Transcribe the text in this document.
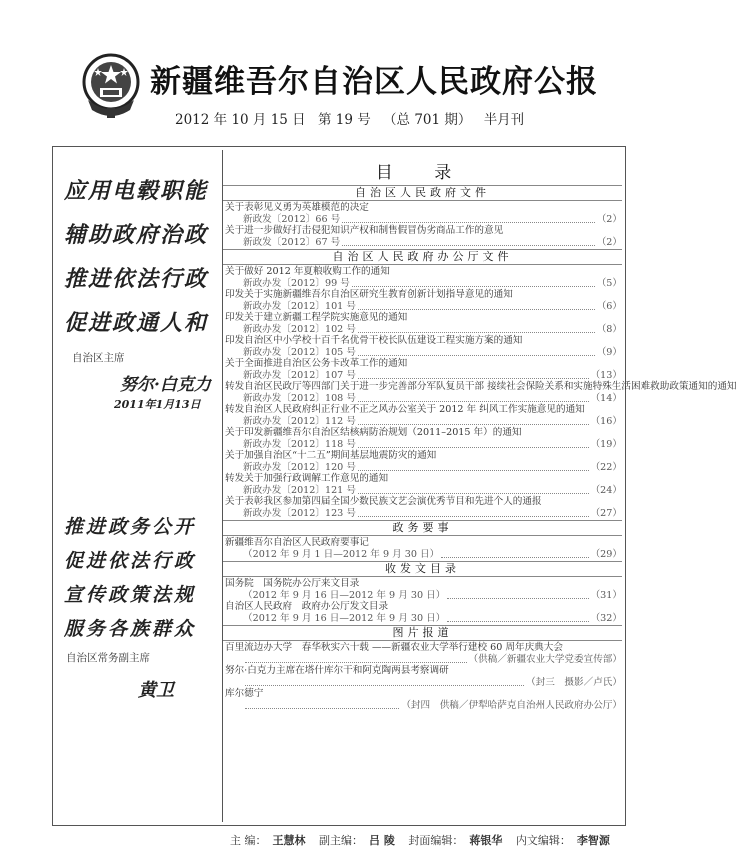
新疆维吾尔自治区人民政府公报
2012 年 10 月 15 日 第 19 号 （总 701 期） 半月刊
应用电毂职能
辅助政府治政
推进依法行政
促进政通人和
自治区主席
努尔·白克力
2011年1月13日
推进政务公开
促进依法行政
宣传政策法规
服务各族群众
自治区常务副主席
黄卫
目 录
自治区人民政府文件
关于表彰见义勇为英雄模范的决定
新政发〔2012〕66 号	（2）
关于进一步做好打击侵犯知识产权和制售假冒伪劣商品工作的意见
新政发〔2012〕67 号	（2）
自治区人民政府办公厅文件
关于做好 2012 年夏粮收购工作的通知
新政办发〔2012〕99 号	（5）
印发关于实施新疆维吾尔自治区研究生教育创新计划指导意见的通知
新政办发〔2012〕101 号	（6）
印发关于建立新疆工程学院实施意见的通知
新政办发〔2012〕102 号	（8）
印发自治区中小学校十百千名优骨干校长队伍建设工程实施方案的通知
新政办发〔2012〕105 号	（9）
关于全面推进自治区公务卡改革工作的通知
新政办发〔2012〕107 号	（13）
转发自治区民政厅等四部门关于进一步完善部分军队复员干部 接续社会保险关系和实施特殊生活困难救助政策通知的通知
新政办发〔2012〕108 号	（14）
转发自治区人民政府纠正行业不正之风办公室关于 2012 年 纠风工作实施意见的通知
新政办发〔2012〕112 号	（16）
关于印发新疆维吾尔自治区结核病防治规划（2011–2015 年）的通知
新政办发〔2012〕118 号	（19）
关于加强自治区“十二五”期间基层地震防灾的通知
新政办发〔2012〕120 号	（22）
转发关于加强行政调解工作意见的通知
新政办发〔2012〕121 号	（24）
关于表彰我区参加第四届全国少数民族文艺会演优秀节目和先进个人的通报
新政办发〔2012〕123 号	（27）
政务要事
新疆维吾尔自治区人民政府要事记
（2012 年 9 月 1 日—2012 年 9 月 30 日）	（29）
收发文目录
国务院　国务院办公厅来文目录
（2012 年 9 月 16 日—2012 年 9 月 30 日）	（31）
自治区人民政府　政府办公厅发文目录
（2012 年 9 月 16 日—2012 年 9 月 30 日）	（32）
图片报道
百里流边办大学　春华秋实六十载 ——新疆农业大学举行建校 60 周年庆典大会
（供稿／新疆农业大学党委宣传部）
努尔·白克力主席在塔什库尔干和阿克陶两县考察调研
（封三　摄影／卢氏）
库尔德宁
（封四　供稿／伊犁哈萨克自治州人民政府办公厅）
主 编： 王慧林 副主编： 吕 陵 封面编辑： 蒋银华 内文编辑： 李智源
